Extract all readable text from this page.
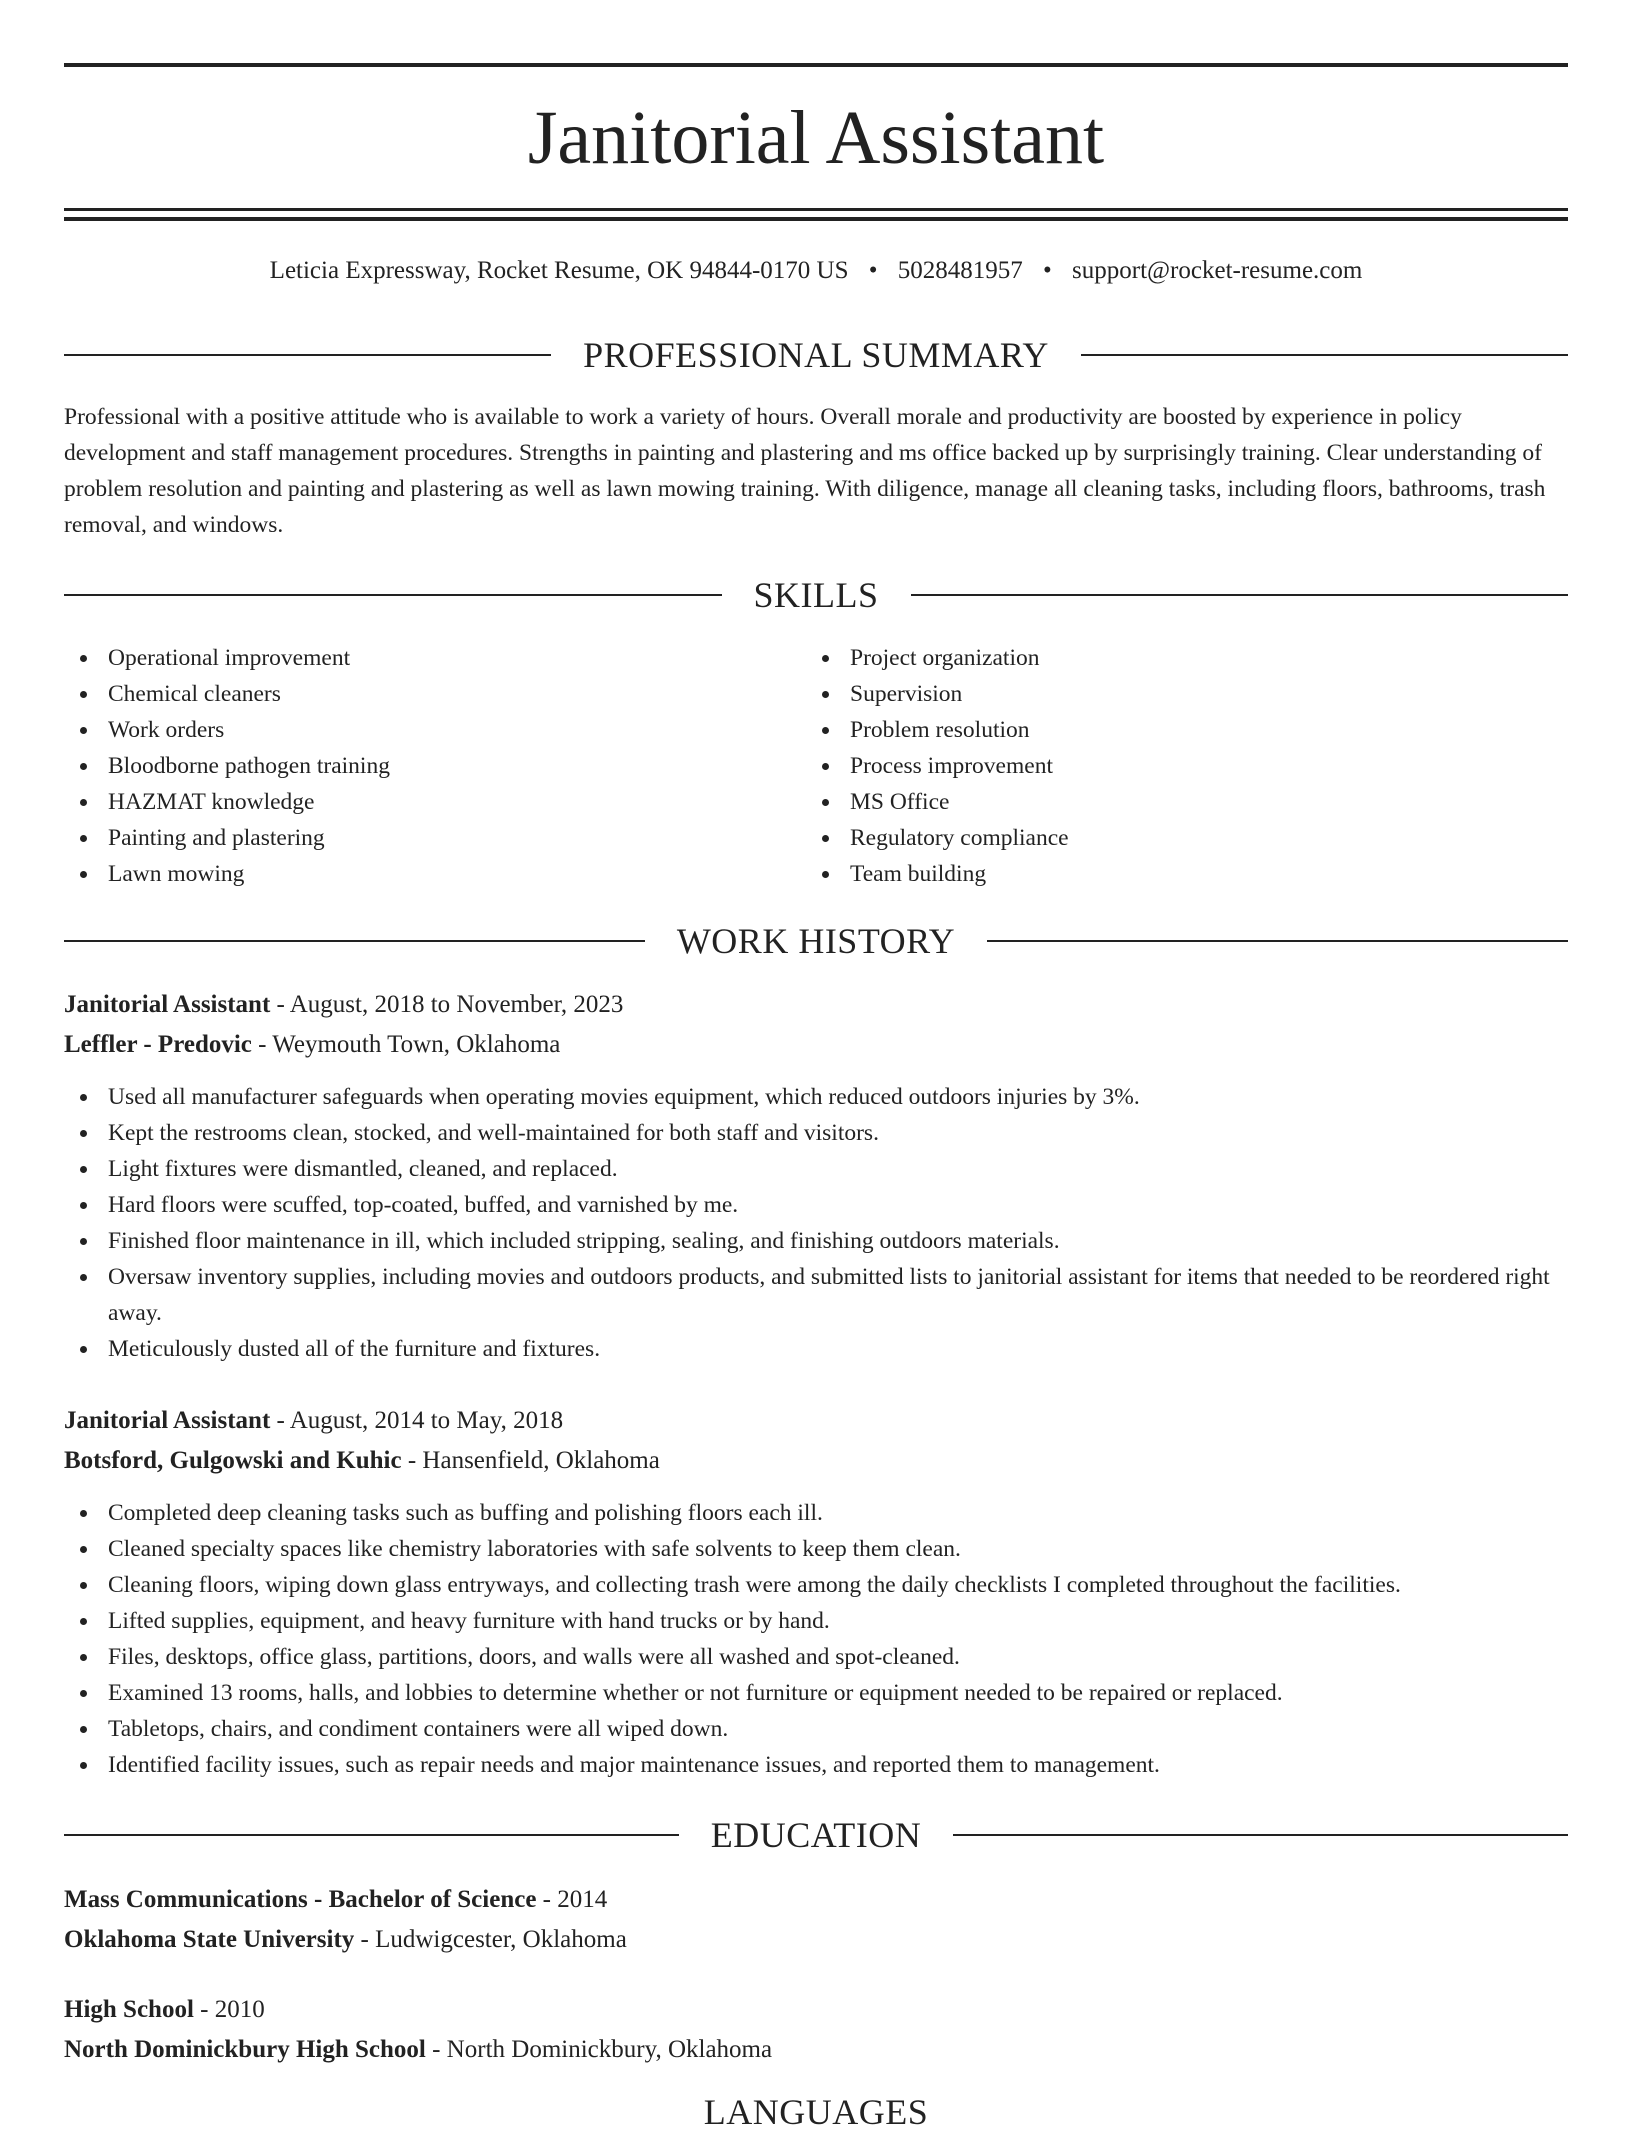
Janitorial Assistant
Leticia Expressway, Rocket Resume, OK 94844-0170 US • 5028481957 • support@rocket-resume.com
PROFESSIONAL SUMMARY

Professional with a positive attitude who is available to work a variety of hours. Overall morale and productivity are boosted by experience in policy development and staff management procedures. Strengths in painting and plastering and ms office backed up by surprisingly training. Clear understanding of problem resolution and painting and plastering as well as lawn mowing training. With diligence, manage all cleaning tasks, including floors, bathrooms, trash removal, and windows.

SKILLS
Operational improvement
Chemical cleaners
Work orders
Bloodborne pathogen training
HAZMAT knowledge
Painting and plastering
Lawn mowing
Project organization
Supervision
Problem resolution
Process improvement
MS Office
Regulatory compliance
Team building
WORK HISTORY
Janitorial Assistant - August, 2018 to November, 2023
Leffler - Predovic - Weymouth Town, Oklahoma
Used all manufacturer safeguards when operating movies equipment, which reduced outdoors injuries by 3%.
Kept the restrooms clean, stocked, and well-maintained for both staff and visitors.
Light fixtures were dismantled, cleaned, and replaced.
Hard floors were scuffed, top-coated, buffed, and varnished by me.
Finished floor maintenance in ill, which included stripping, sealing, and finishing outdoors materials.
Oversaw inventory supplies, including movies and outdoors products, and submitted lists to janitorial assistant for items that needed to be reordered right away.
Meticulously dusted all of the furniture and fixtures.
Janitorial Assistant - August, 2014 to May, 2018
Botsford, Gulgowski and Kuhic - Hansenfield, Oklahoma
Completed deep cleaning tasks such as buffing and polishing floors each ill.
Cleaned specialty spaces like chemistry laboratories with safe solvents to keep them clean.
Cleaning floors, wiping down glass entryways, and collecting trash were among the daily checklists I completed throughout the facilities.
Lifted supplies, equipment, and heavy furniture with hand trucks or by hand.
Files, desktops, office glass, partitions, doors, and walls were all washed and spot-cleaned.
Examined 13 rooms, halls, and lobbies to determine whether or not furniture or equipment needed to be repaired or replaced.
Tabletops, chairs, and condiment containers were all wiped down.
Identified facility issues, such as repair needs and major maintenance issues, and reported them to management.
EDUCATION
Mass Communications - Bachelor of Science - 2014
Oklahoma State University - Ludwigcester, Oklahoma
High School - 2010
North Dominickbury High School - North Dominickbury, Oklahoma
LANGUAGES
